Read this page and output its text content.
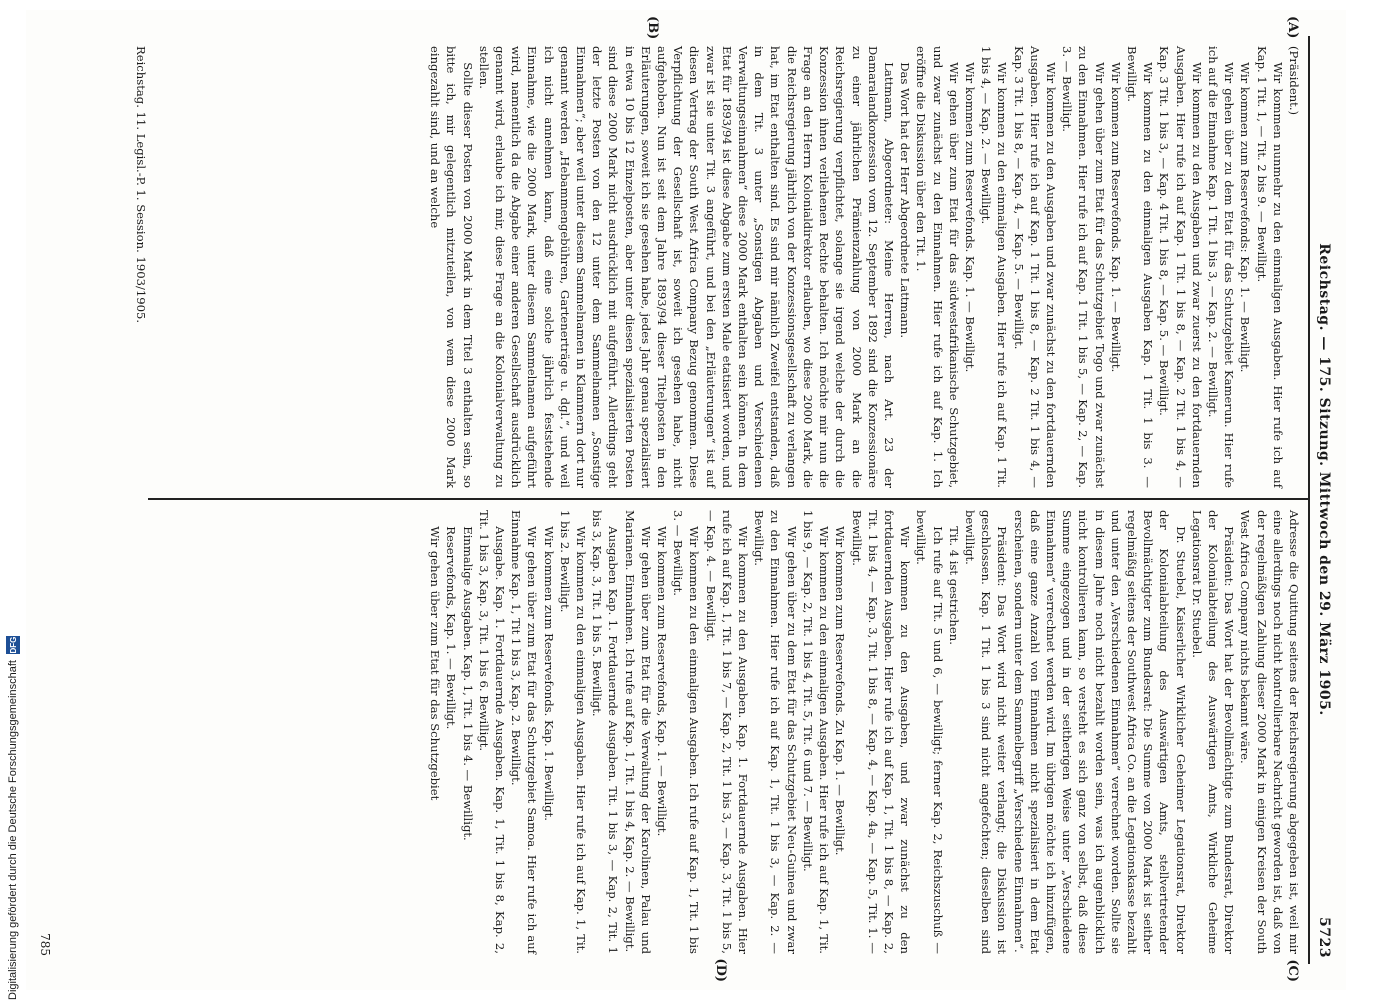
Reichstag. — 175. Sitzung. Mittwoch den 29. März 1905.
5723
(A)
(B)

(Präsident.)

Wir kommen nunmehr zu den einmaligen Ausgaben. Hier rufe ich auf Kap. 1 Tit. 1, — Tit. 2 bis 9. — Bewilligt.

Wir kommen zum Reservefonds: Kap. 1. — Bewilligt.

Wir gehen über zu dem Etat für das Schutzgebiet Kamerun. Hier rufe ich auf die Einnahme Kap. 1 Tit. 1 bis 3, — Kap. 2. — Bewilligt.

Wir kommen zu den Ausgaben und zwar zuerst zu den fortdauernden Ausgaben. Hier rufe ich auf Kap. 1 Tit. 1 bis 8, — Kap. 2 Tit. 1 bis 4, — Kap. 3 Tit. 1 bis 3, — Kap. 4 Tit. 1 bis 8, — Kap. 5. — Bewilligt.

Wir kommen zu den einmaligen Ausgaben Kap. 1 Tit. 1 bis 3. — Bewilligt.

Wir kommen zum Reservefonds. Kap. 1. — Bewilligt.

Wir gehen über zum Etat für das Schutzgebiet Togo und zwar zunächst zu den Einnahmen. Hier rufe ich auf Kap. 1 Tit. 1 bis 5, — Kap. 2, — Kap. 3. — Bewilligt.

Wir kommen zu den Ausgaben und zwar zunächst zu den fortdauernden Ausgaben. Hier rufe ich auf Kap. 1 Tit. 1 bis 8, — Kap. 2 Tit. 1 bis 4, — Kap. 3 Tit. 1 bis 8, — Kap. 4, — Kap. 5. — Bewilligt.

Wir kommen zu den einmaligen Ausgaben. Hier rufe ich auf Kap. 1 Tit. 1 bis 4, — Kap. 2. — Bewilligt.

Wir kommen zum Reservefonds. Kap. 1. — Bewilligt.

Wir gehen über zum Etat für das südwestafrikanische Schutzgebiet, und zwar zunächst zu den Einnahmen. Hier rufe ich auf Kap. 1. Ich eröffne die Diskussion über den Tit. 1.

Das Wort hat der Herr Abgeordnete Lattmann.

Lattmann, Abgeordneter: Meine Herren, nach Art. 23 der Damaralandkonzession vom 12. September 1892 sind die Konzessionäre zu einer jährlichen Prämienzahlung von 2000 Mark an die Reichsregierung verpflichtet, solange sie irgend welche der durch die Konzession ihnen verliehenen Rechte behalten. Ich möchte mir nun die Frage an den Herrn Kolonialdirektor erlauben, wo diese 2000 Mark, die die Reichsregierung jährlich von der Konzessionsgesellschaft zu verlangen hat, im Etat enthalten sind. Es sind mir nämlich Zweifel entstanden, daß in dem Tit. 3 unter „Sonstigen Abgaben und Verschiedenen Verwaltungseinnahmen“ diese 2000 Mark enthalten sein können. In dem Etat für 1893/94 ist diese Abgabe zum ersten Male etatisiert worden, und zwar ist sie unter Tit. 3 angeführt, und bei den „Erläuterungen“ ist auf diesen Vertrag der South West Africa Company Bezug genommen. Diese Verpflichtung der Gesellschaft ist, soweit ich gesehen habe, nicht aufgehoben. Nun ist seit dem Jahre 1893/94 dieser Titelposten in den Erläuterungen, soweit ich sie gesehen habe, jedes Jahr genau spezialisiert in etwa 10 bis 12 Einzelposten, aber unter diesen spezialisierten Posten sind diese 2000 Mark nicht ausdrücklich mit aufgeführt. Allerdings geht der letzte Posten von den 12 unter dem Sammelnamen „Sonstige Einnahmen“; aber weil unter diesem Sammelnamen in Klammern dort nur genannt werden „Hebammengebühren, Gartenerträge u. dgl.“, und weil ich nicht annehmen kann, daß eine solche jährlich feststehende Einnahme, wie die 2000 Mark, unter diesem Sammelnamen aufgeführt wird, namentlich da die Abgabe einer anderen Gesellschaft ausdrücklich genannt wird, erlaube ich mir, diese Frage an die Kolonialverwaltung zu stellen.

Sollte dieser Posten von 2000 Mark in dem Titel 3 enthalten sein, so bitte ich, mir gelegentlich mitzuteilen, von wem diese 2000 Mark eingezahlt sind, und an welche

(C)
(D)

Adresse die Quittung seitens der Reichsregierung abgegeben ist, weil mir eine allerdings noch nicht kontrollierbare Nachricht geworden ist, daß von der regelmäßigen Zahlung dieser 2000 Mark in einigen Kreisen der South West Africa Company nichts bekannt wäre.

Präsident: Das Wort hat der Bevollmächtigte zum Bundesrat, Direktor der Kolonialabteilung des Auswärtigen Amts, Wirkliche Geheime Legationsrat Dr. Stuebel.

Dr. Stuebel, Kaiserlicher Wirklicher Geheimer Legationsrat, Direktor der Kolonialabteilung des Auswärtigen Amts, stellvertretender Bevollmächtigter zum Bundesrat: Die Summe von 2000 Mark ist seither regelmäßig seitens der Southwest Africa Co. an die Legationskasse bezahlt und unter den „Verschiedenen Einnahmen“ verrechnet worden. Sollte sie in diesem Jahre noch nicht bezahlt worden sein, was ich augenblicklich nicht kontrollieren kann, so versteht es sich ganz von selbst, daß diese Summe eingezogen und in der seitherigen Weise unter „Verschiedene Einnahmen“ verrechnet werden wird. Im übrigen möchte ich hinzufügen, daß eine ganze Anzahl von Einnahmen nicht spezialisiert in dem Etat erscheinen, sondern unter dem Sammelbegriff „Verschiedene Einnahmen“.

Präsident: Das Wort wird nicht weiter verlangt; die Diskussion ist geschlossen. Kap. 1 Tit. 1 bis 3 sind nicht angefochten; dieselben sind bewilligt.

Tit. 4 ist gestrichen.

Ich rufe auf Tit. 5 und 6, — bewilligt; ferner Kap. 2, Reichszuschuß — bewilligt.

Wir kommen zu den Ausgaben, und zwar zunächst zu den fortdauernden Ausgaben. Hier rufe ich auf Kap. 1, Tit. 1 bis 8, — Kap. 2, Tit. 1 bis 4, — Kap. 3, Tit. 1 bis 8, — Kap. 4, — Kap. 4a, — Kap. 5, Tit. 1. — Bewilligt.

Wir kommen zum Reservefonds. Zu Kap. 1. — Bewilligt.

Wir kommen zu den einmaligen Ausgaben. Hier rufe ich auf Kap. 1, Tit. 1 bis 9, — Kap. 2, Tit. 1 bis 4, Tit. 5, Tit. 6 und 7. — Bewilligt.

Wir gehen über zu dem Etat für das Schutzgebiet Neu-Guinea und zwar zu den Einnahmen. Hier rufe ich auf Kap. 1, Tit. 1 bis 3, — Kap. 2. — Bewilligt.

Wir kommen zu den Ausgaben. Kap. 1. Fortdauernde Ausgaben. Hier rufe ich auf Kap. 1, Tit. 1 bis 7, — Kap. 2, Tit. 1 bis 3, — Kap. 3, Tit. 1 bis 5, — Kap. 4. — Bewilligt.

Wir kommen zu den einmaligen Ausgaben. Ich rufe auf Kap. 1, Tit. 1 bis 3. — Bewilligt.

Wir kommen zum Reservefonds, Kap. 1. — Bewilligt.

Wir gehen über zum Etat für die Verwaltung der Karolinen, Palau und Marianen. Einnahmen. Ich rufe auf Kap. 1, Tit. 1 bis 4, Kap. 2. — Bewilligt.

Ausgaben Kap. 1. Fortdauernde Ausgaben. Tit. 1 bis 3, — Kap. 2, Tit. 1 bis 3, Kap. 3, Tit. 1 bis 5. Bewilligt.

Wir kommen zu den einmaligen Ausgaben. Hier rufe ich auf Kap. 1, Tit. 1 bis 2. Bewilligt.

Wir kommen zum Reservefonds. Kap. 1. Bewilligt.

Wir gehen über zum Etat für das Schutzgebiet Samoa. Hier rufe ich auf Einnahme Kap. 1, Tit 1 bis 3, Kap. 2. Bewilligt.

Ausgabe. Kap. 1. Fortdauernde Ausgaben. Kap. 1, Tit. 1 bis 8, Kap. 2, Tit. 1 bis 3, Kap. 3, Tit. 1 bis 6. Bewilligt.

Einmalige Ausgaben. Kap. 1, Tit. 1 bis 4. — Bewilligt.

Reservefonds, Kap. 1. — Bewilligt.

Wir gehen über zum Etat für das Schutzgebiet

Reichstag. 11. Legisl.-P. 1. Session. 1903/1905.
785
Digitalisierung gefördert durch die Deutsche Forschungsgemeinschaft
DFG
